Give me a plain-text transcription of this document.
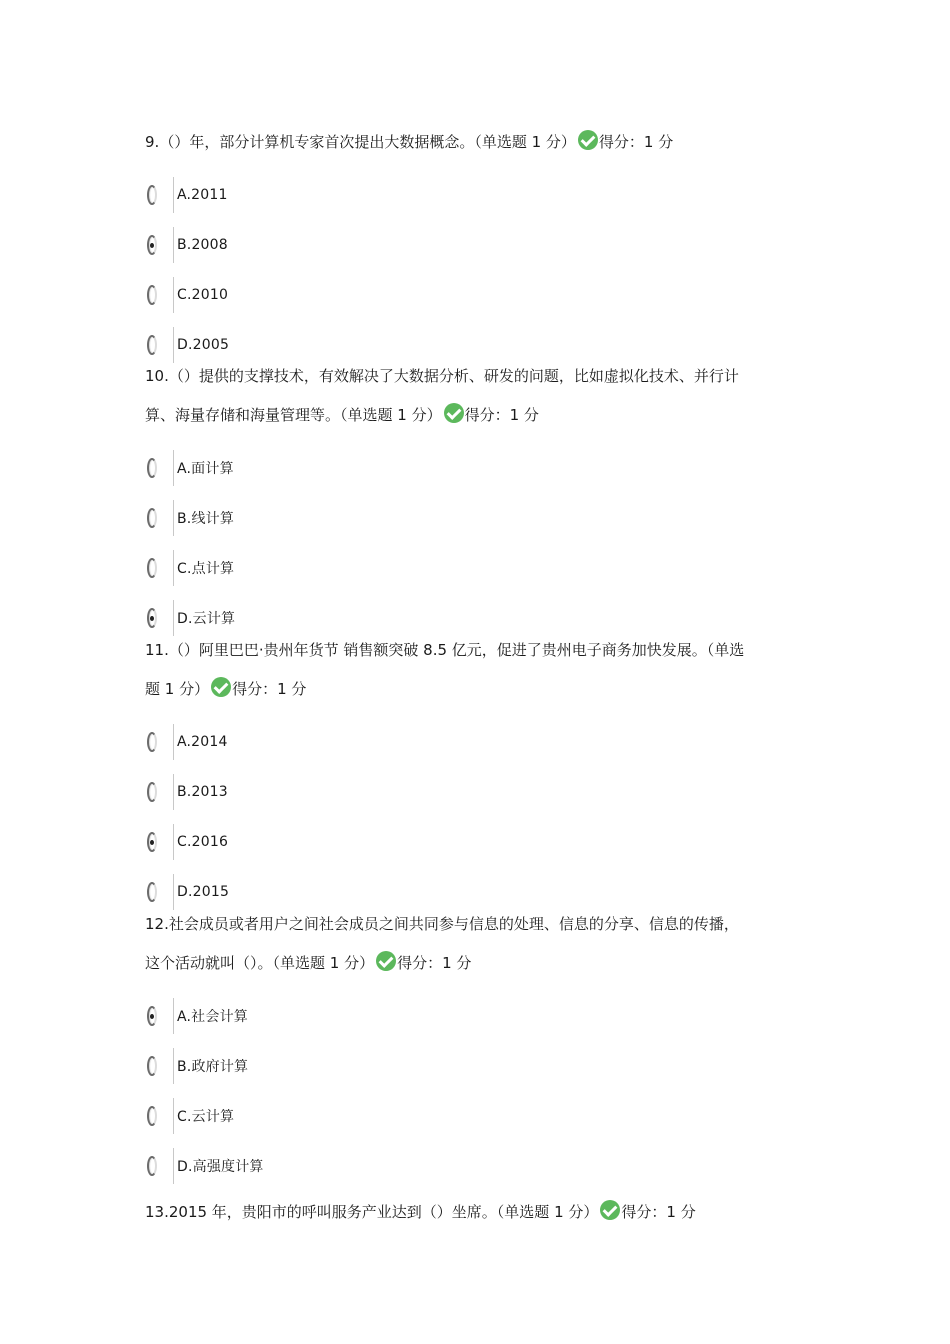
9.（）年，部分计算机专家首次提出大数据概念。（单选题 1 分） 得分：1 分
A.2011
B.2008
C.2010
D.2005
10.（）提供的支撑技术，有效解决了大数据分析、研发的问题，比如虚拟化技术、并行计
算、海量存储和海量管理等。（单选题 1 分） 得分：1 分
A.面计算
B.线计算
C.点计算
D.云计算
11.（）阿里巴巴·贵州年货节 销售额突破 8.5 亿元，促进了贵州电子商务加快发展。（单选
题 1 分） 得分：1 分
A.2014
B.2013
C.2016
D.2015
12.社会成员或者用户之间社会成员之间共同参与信息的处理、信息的分享、信息的传播，
这个活动就叫（）。（单选题 1 分） 得分：1 分
A.社会计算
B.政府计算
C.云计算
D.高强度计算
13.2015 年，贵阳市的呼叫服务产业达到（）坐席。（单选题 1 分） 得分：1 分
